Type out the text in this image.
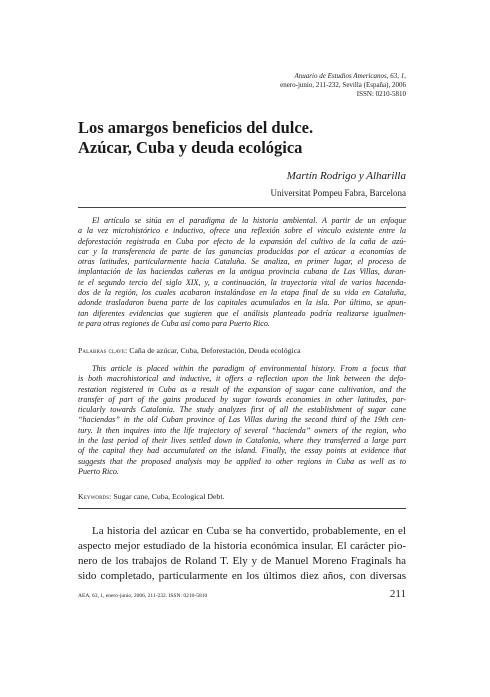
Anuario de Estudios Americanos, 63, 1,
enero-junio, 211-232, Sevilla (España), 2006
ISSN: 0210-5810
Los amargos beneficios del dulce.
Azúcar, Cuba y deuda ecológica
Martín Rodrigo y Alharilla
Universitat Pompeu Fabra, Barcelona

El artículo se sitúa en el paradigma de la historia ambiental. A partir de un enfoque
a la vez microhistórico e inductivo, ofrece una reflexión sobre el vínculo existente entre la
deforestación registrada en Cuba por efecto de la expansión del cultivo de la caña de azú-
car y la transferencia de parte de las ganancias producidas por el azúcar a economías de
otras latitudes, particularmente hacia Cataluña. Se analiza, en primer lugar, el proceso de
implantación de las haciendas cañeras en la antigua provincia cubana de Las Villas, duran-
te el segundo tercio del siglo XIX, y, a continuación, la trayectoria vital de varios hacenda-
dos de la región, los cuales acabaron instalándose en la etapa final de su vida en Cataluña,
adonde trasladaron buena parte de los capitales acumulados en la isla. Por último, se apun-
tan diferentes evidencias que sugieren que el análisis planteado podría realizarse igualmen-
te para otras regiones de Cuba así como para Puerto Rico.

Palabras clave: Caña de azúcar, Cuba, Deforestación, Deuda ecológica

This article is placed within the paradigm of environmental history. From a focus that
is both macrohistorical and inductive, it offers a reflection upon the link between the defo-
restation registered in Cuba as a result of the expansion of sugar cane cultivation, and the
transfer of part of the gains produced by sugar towards economies in other latitudes, par-
ticularly towards Catalonia. The study analyzes first of all the establishment of sugar cane
“haciendas” in the old Cuban province of Las Villas during the second third of the 19th cen-
tury. It then inquires into the life trajectory of several “hacienda” owners of the region, who
in the last period of their lives settled down in Catalonia, where they transferred a large part
of the capital they had accumulated on the island. Finally, the essay points at evidence that
suggests that the proposed analysis may be applied to other regions in Cuba as well as to
Puerto Rico.

Keywords: Sugar cane, Cuba, Ecological Debt.

La historia del azúcar en Cuba se ha convertido, probablemente, en el
aspecto mejor estudiado de la historia económica insular. El carácter pio-
nero de los trabajos de Roland T. Ely y de Manuel Moreno Fraginals ha
sido completado, particularmente en los últimos diez años, con diversas

AEA, 63, 1, enero-junio, 2006, 211-232. ISSN: 0210-5810	211
